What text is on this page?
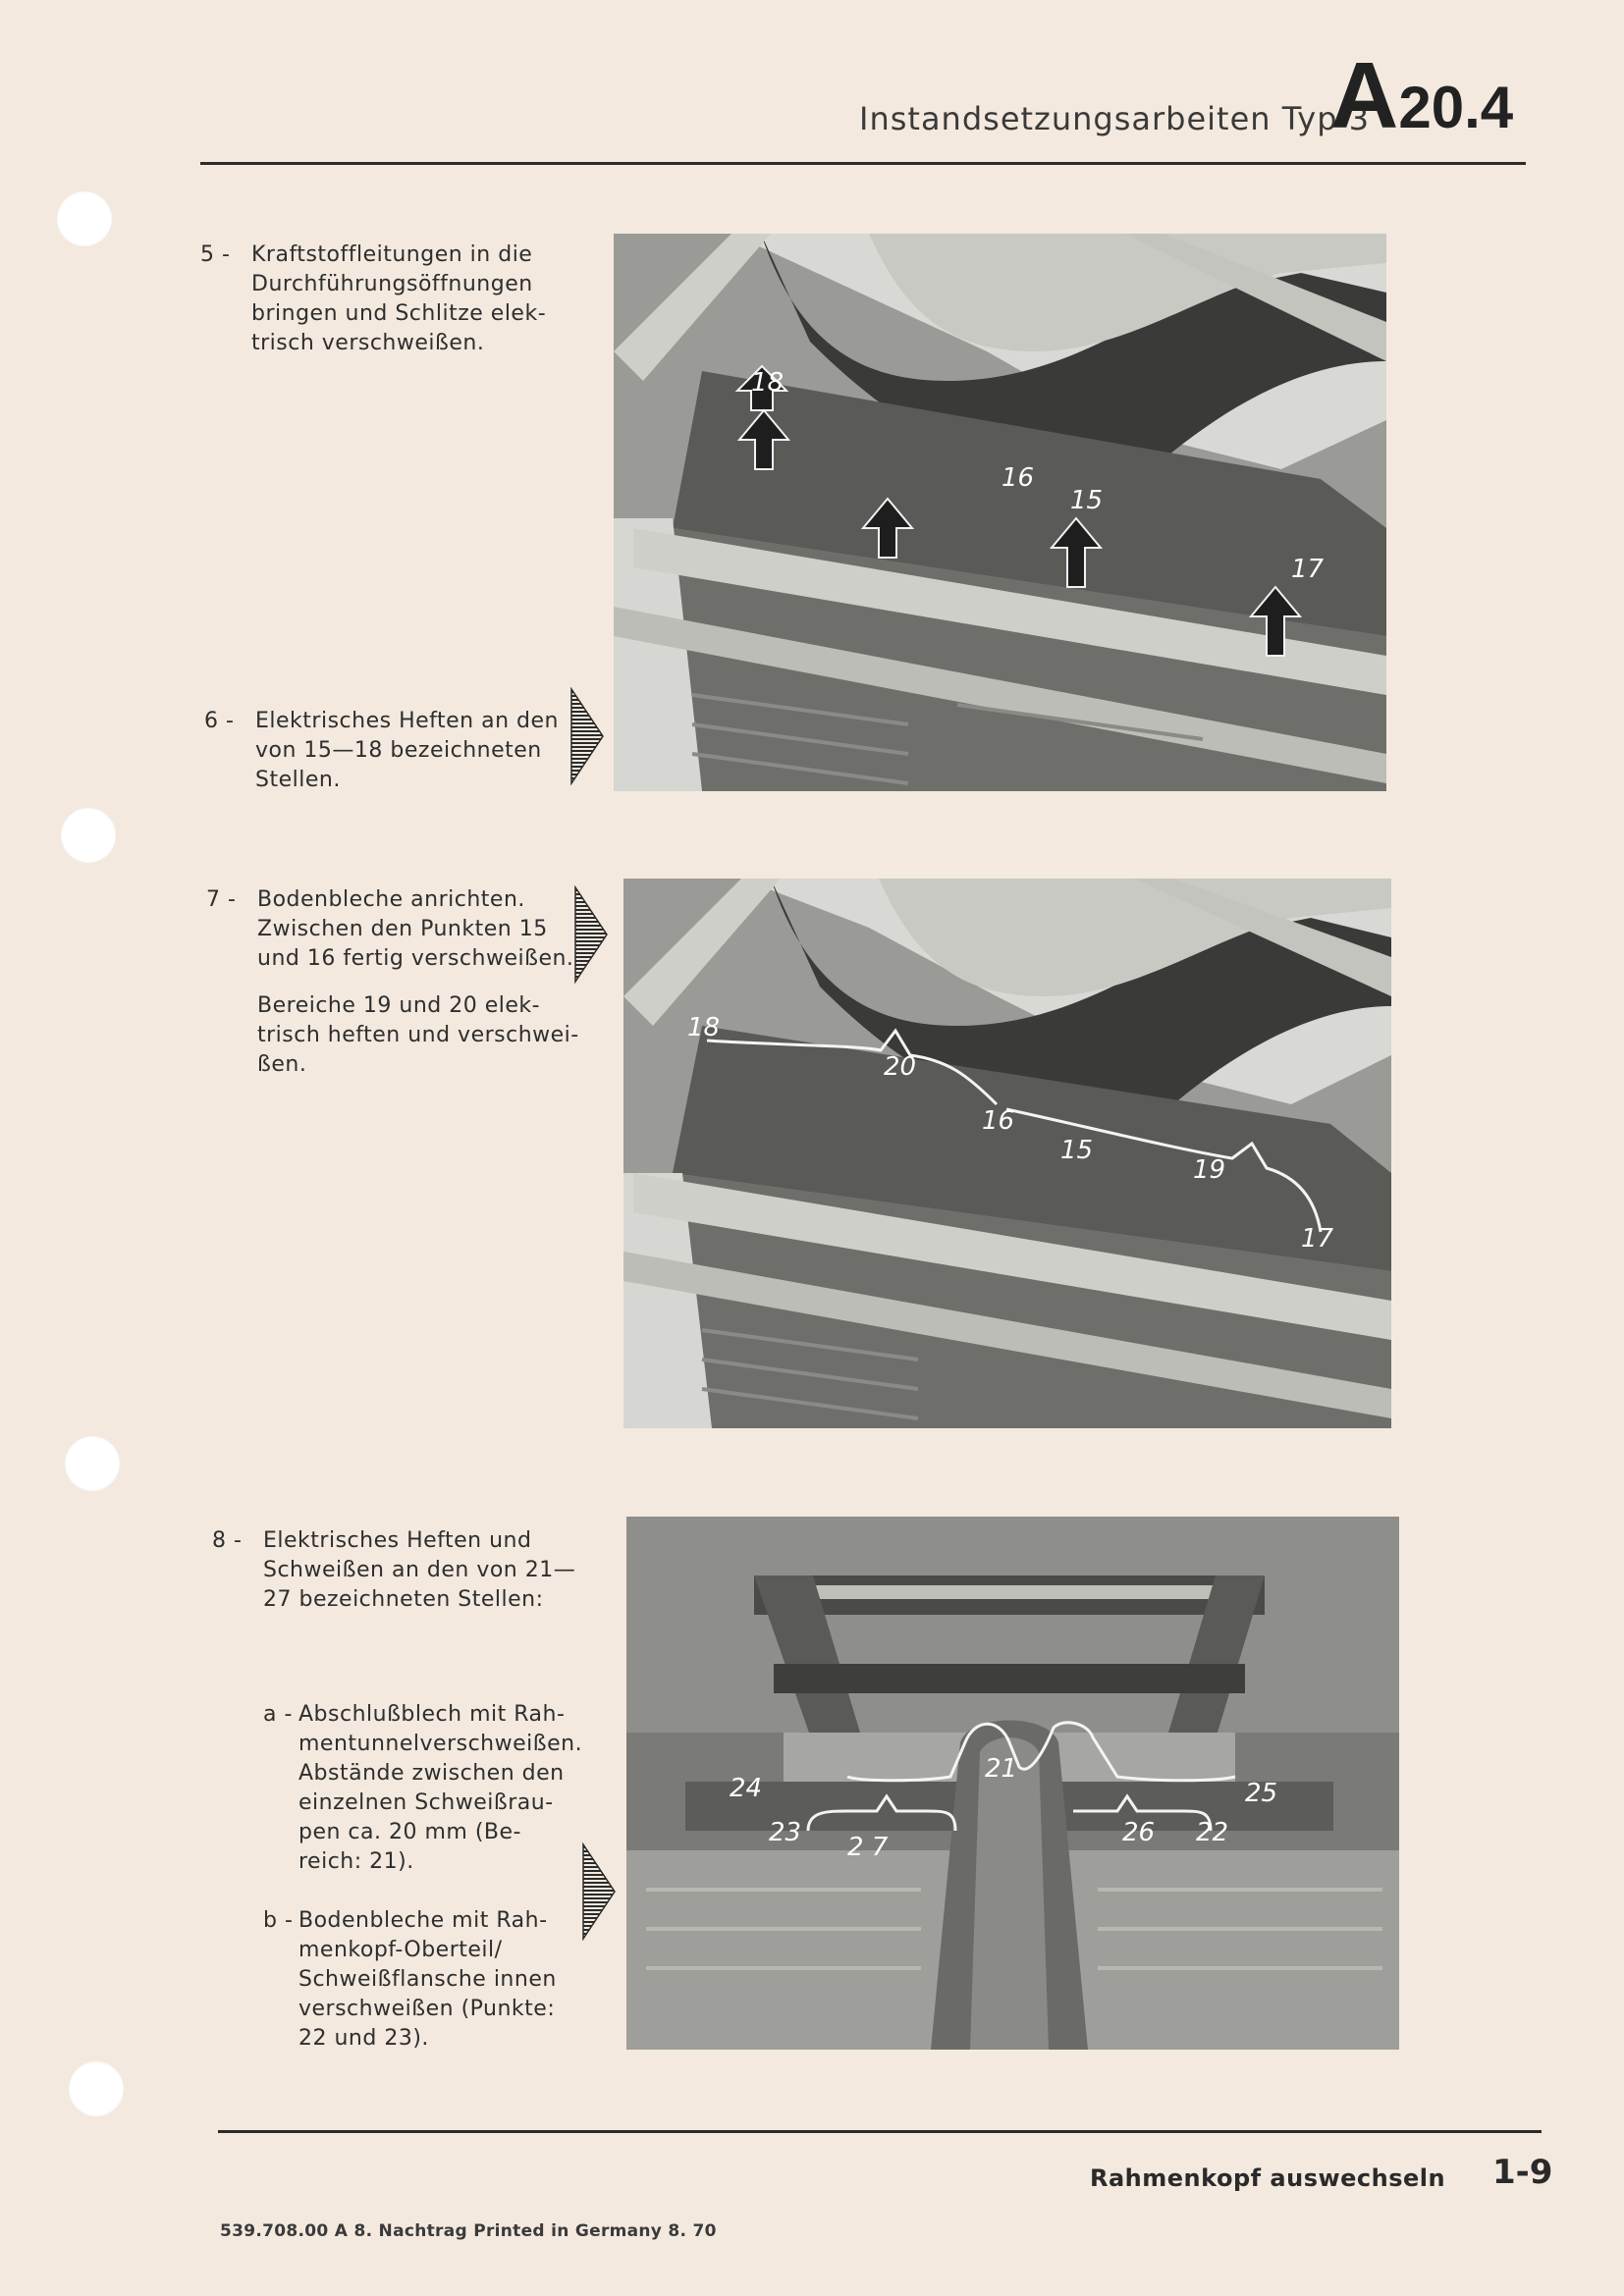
Instandsetzungsarbeiten Typ 3
A20.4
5 - Kraftstoffleitungen in die
Durchführungsöffnungen
bringen und Schlitze elek-
trisch verschweißen.
6 - Elektrisches Heften an den
von 15—18 bezeichneten
Stellen.
7 - Bodenbleche anrichten.
Zwischen den Punkten 15
und 16 fertig verschweißen.
Bereiche 19 und 20 elek-
trisch heften und verschwei-
ßen.
8 - Elektrisches Heften und
Schweißen an den von 21—
27 bezeichneten Stellen:
a - Abschlußblech mit Rah-
mentunnelverschweißen.
Abstände zwischen den
einzelnen Schweißrau-
pen ca. 20 mm (Be-
reich: 21).
b - Bodenbleche mit Rah-
menkopf-Oberteil/
Schweißflansche innen
verschweißen (Punkte:
22 und 23).
18
16
15
17
18
20
16
15
19
17
24
23 2 7
21
26 22
25
Rahmenkopf auswechseln 1-9
539.708.00 A 8. Nachtrag Printed in Germany 8. 70
